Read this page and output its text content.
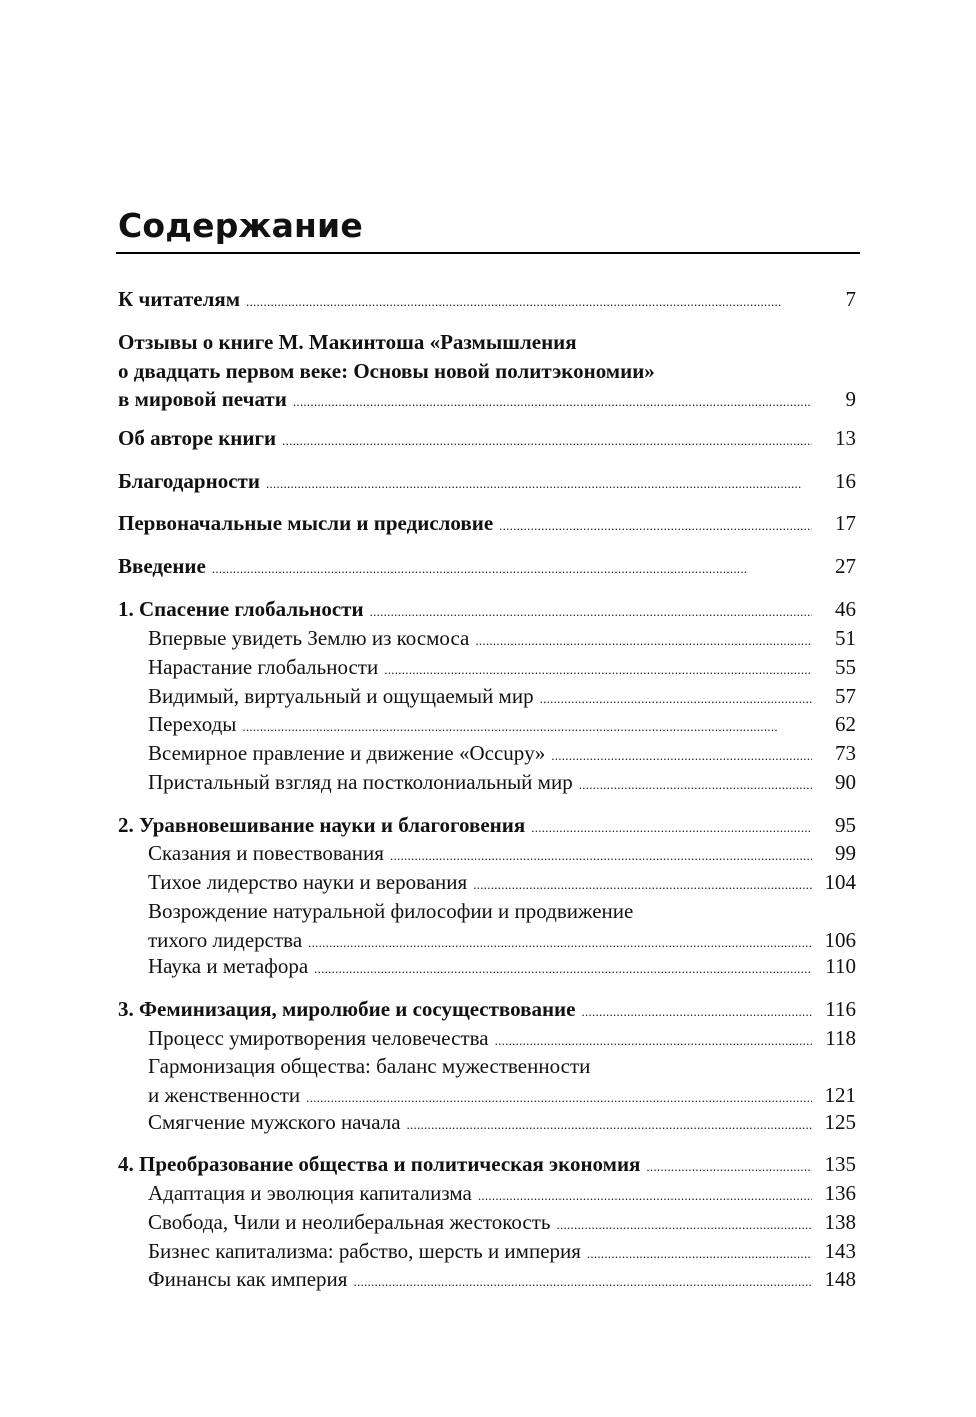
Содержание
К читателям . . .	7
Отзывы о книге М. Макинтоша «Размышления
о двадцать первом веке: Основы новой политэкономии»
в мировой печати . . .	9
Об авторе книги . . .	13
Благодарности . . .	16
Первоначальные мысли и предисловие . . .	17
Введение . . .	27
1. Спасение глобальности . . .	46
Впервые увидеть Землю из космоса . . .	51
Нарастание глобальности . . .	55
Видимый, виртуальный и ощущаемый мир . . .	57
Переходы . . .	62
Всемирное правление и движение «Occupy» . . .	73
Пристальный взгляд на постколониальный мир . . .	90
2. Уравновешивание науки и благоговения . . .	95
Сказания и повествования . . .	99
Тихое лидерство науки и верования . . .	104
Возрождение натуральной философии и продвижение
тихого лидерства . . .	106
Наука и метафора . . .	110
3. Феминизация, миролюбие и сосуществование . . .	116
Процесс умиротворения человечества . . .	118
Гармонизация общества: баланс мужественности
и женственности . . .	121
Смягчение мужского начала . . .	125
4. Преобразование общества и политическая экономия . . .	135
Адаптация и эволюция капитализма . . .	136
Свобода, Чили и неолиберальная жестокость . . .	138
Бизнес капитализма: рабство, шерсть и империя . . .	143
Финансы как империя . . .	148
